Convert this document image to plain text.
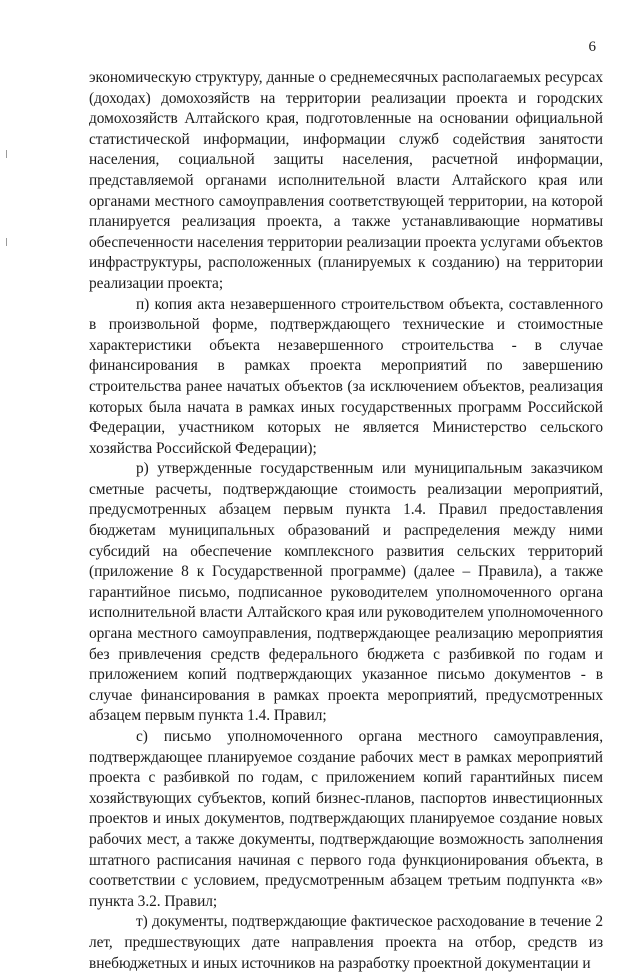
6

экономическую структуру, данные о среднемесячных располагаемых ресурсах (доходах) домохозяйств на территории реализации проекта и городских домохозяйств Алтайского края, подготовленные на основании официальной статистической информации, информации служб содействия занятости населения, социальной защиты населения, расчетной информации, представляемой органами исполнительной власти Алтайского края или органами местного самоуправления соответствующей территории, на которой планируется реализация проекта, а также устанавливающие нормативы обеспеченности населения территории реализации проекта услугами объектов инфраструктуры, расположенных (планируемых к созданию) на территории реализации проекта;

п) копия акта незавершенного строительством объекта, составленного в произвольной форме, подтверждающего технические и стоимостные характеристики объекта незавершенного строительства - в случае финансирования в рамках проекта мероприятий по завершению строительства ранее начатых объектов (за исключением объектов, реализация которых была начата в рамках иных государственных программ Российской Федерации, участником которых не является Министерство сельского хозяйства Российской Федерации);

р) утвержденные государственным или муниципальным заказчиком сметные расчеты, подтверждающие стоимость реализации мероприятий, предусмотренных абзацем первым пункта 1.4. Правил предоставления бюджетам муниципальных образований и распределения между ними субсидий на обеспечение комплексного развития сельских территорий (приложение 8 к Государственной программе) (далее – Правила), а также гарантийное письмо, подписанное руководителем уполномоченного органа исполнительной власти Алтайского края или руководителем уполномоченного органа местного самоуправления, подтверждающее реализацию мероприятия без привлечения средств федерального бюджета с разбивкой по годам и приложением копий подтверждающих указанное письмо документов - в случае финансирования в рамках проекта мероприятий, предусмотренных абзацем первым пункта 1.4. Правил;

с) письмо уполномоченного органа местного самоуправления, подтверждающее планируемое создание рабочих мест в рамках мероприятий проекта с разбивкой по годам, с приложением копий гарантийных писем хозяйствующих субъектов, копий бизнес-планов, паспортов инвестиционных проектов и иных документов, подтверждающих планируемое создание новых рабочих мест, а также документы, подтверждающие возможность заполнения штатного расписания начиная с первого года функционирования объекта, в соответствии с условием, предусмотренным абзацем третьим подпункта «в» пункта 3.2. Правил;

т) документы, подтверждающие фактическое расходование в течение 2 лет, предшествующих дате направления проекта на отбор, средств из внебюджетных и иных источников на разработку проектной документации и
